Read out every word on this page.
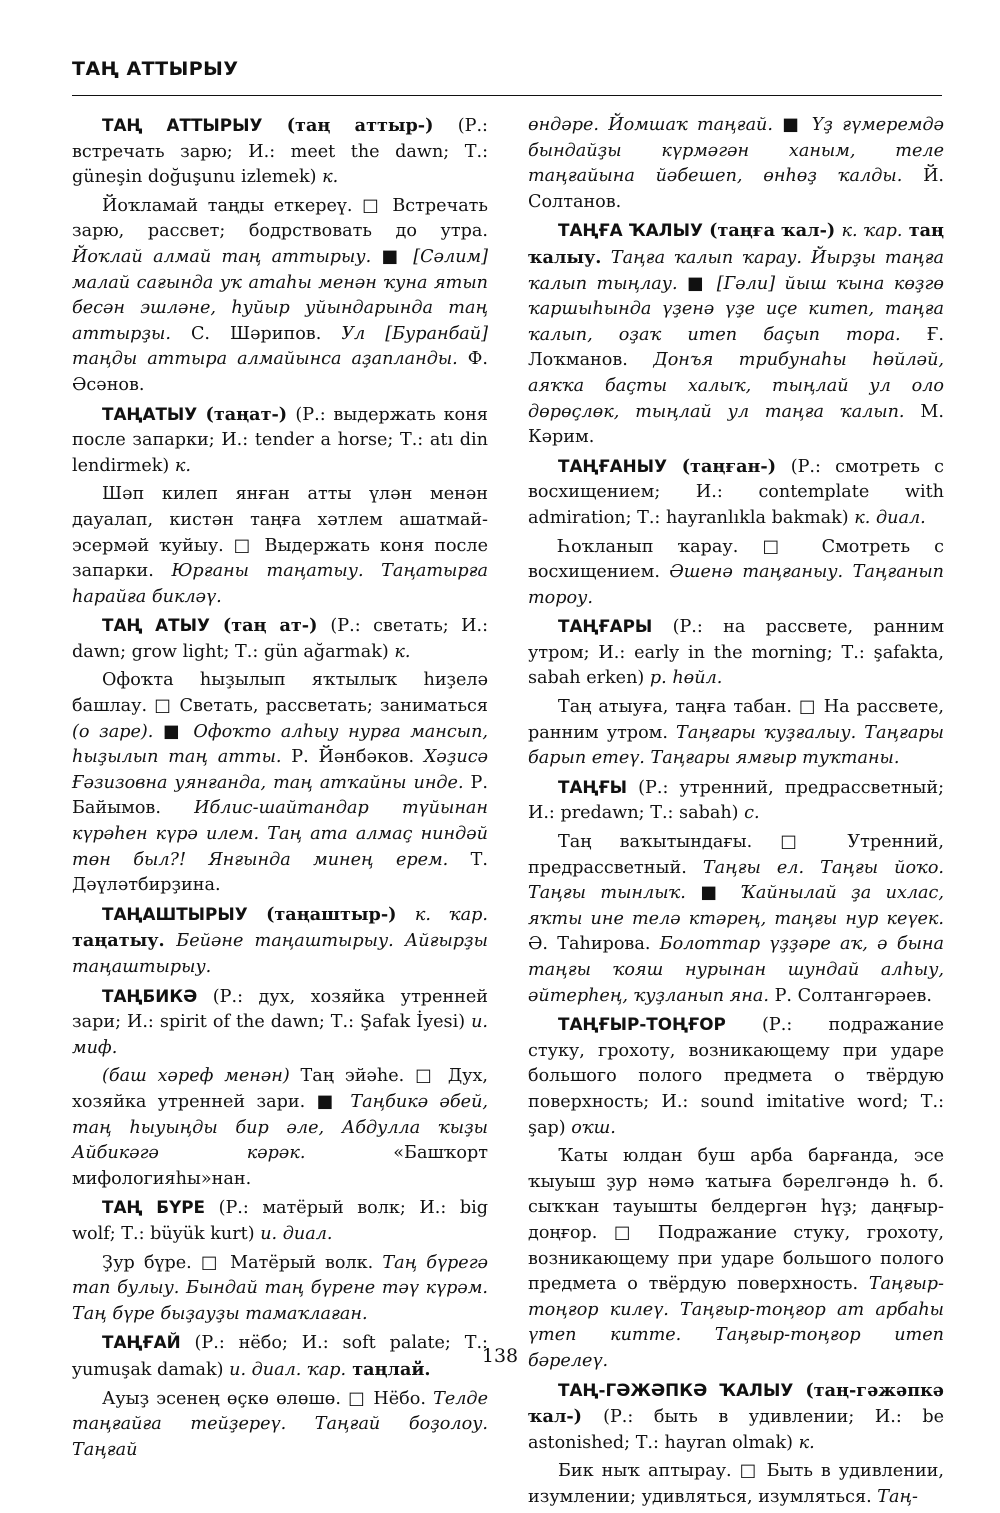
ТАҢ АТТЫРЫУ

ТАҢ АТТЫРЫУ (таң аттыр-) (Р.: встречать зарю; И.: meet the dawn; Т.: güneşin doğuşunu izlemek) к.

Йоҡламай таңды еткереү. □ Встречать зарю, рассвет; бодрствовать до утра. Йоҡлай алмай таң аттырыу. ■ [Сәлим] малай сағында уҡ атаһы менән ҡуна ятып бесән эшләне, һуйыр уйындарында таң аттырҙы. С. Шәрипов. Ул [Буранбай] таңды аттыра алмайынса аҙапланды. Ф. Әсәнов.

ТАҢАТЫУ (таңат-) (Р.: выдержать коня после запарки; И.: tender a horse; Т.: atı din lendirmek) к.

Шәп килеп янған атты үлән менән дауалап, кистән таңға хәтлем ашатмай-эсермәй ҡуйыу. □ Выдержать коня после запарки. Юрғаны таңатыу. Таңатырға һарайға бикләү.

ТАҢ АТЫУ (таң ат-) (Р.: светать; И.: dawn; grow light; Т.: gün ağarmak) к.

Офоҡта һыҙылып яҡтылыҡ һиҙелә башлау. □ Светать, рассветать; заниматься (о заре). ■ Офоҡто алһыу нурға мансып, һыҙылып таң атты. Р. Йәнбәков. Хәҙисә Ғәзизовна уянғанда, таң атҡайны инде. Р. Байымов. Иблис-шайтандар түйынан күрәһен күрә илем. Таң ата алмаҫ ниндәй төн был?! Янғында минең ерем. Т. Дәүләтбирҙина.

ТАҢАШТЫРЫУ (таңаштыр-) к. ҡар. таңатыу. Бейәне таңаштырыу. Айғырҙы таңаштырыу.

ТАҢБИКӘ (Р.: дух, хозяйка утренней зари; И.: spirit of the dawn; Т.: Şafak İyesi) и. миф.

(баш хәреф менән) Таң эйәһе. □ Дух, хозяйка утренней зари. ■ Таңбикә әбей, таң һыуыңды бир әле, Абдулла ҡыҙы Айбикәгә кәрәк. «Башҡорт мифологияһы»нан.

ТАҢ БҮРЕ (Р.: матёрый волк; И.: big wolf; Т.: büyük kurt) и. диал.

Ҙур бүре. □ Матёрый волк. Таң бүрегә тап булыу. Бындай таң бүрене тәү күрәм. Таң бүре быҙауҙы тамаҡлаған.

ТАҢҒАЙ (Р.: нёбо; И.: soft palate; Т.: yumuşak damak) и. диал. ҡар. таңлай.

Ауыҙ эсенең өҫкө өлөшө. □ Нёбо. Телде таңғайға тейҙереү. Таңғай боҙолоу. Таңғай

өндәре. Йомшаҡ таңғай. ■ Үҙ ғүмеремдә бындайҙы күрмәгән ханым, теле таңғайына йәбешеп, өнһөҙ ҡалды. Й. Солтанов.

ТАҢҒА ҠАЛЫУ (таңға ҡал-) к. ҡар. таң ҡалыу. Таңға ҡалып ҡарау. Йырҙы таңға ҡалып тыңлау. ■ [Гәли] йыш ҡына көҙгө ҡаршыһында үҙенә үҙе иҫе китеп, таңға ҡалып, оҙаҡ итеп баҫып тора. Ғ. Лоҡманов. Донъя трибунаһы һөйләй, аяҡҡа баҫты халыҡ, тыңлай ул оло дөрөҫлөк, тыңлай ул таңға ҡалып. М. Кәрим.

ТАҢҒАНЫУ (таңған-) (Р.: смотреть с восхищением; И.: contemplate with admiration; Т.: hayranlıkla bakmak) к. диал.

Һоҡланып ҡарау. □ Смотреть с восхищением. Әшенә таңғаныу. Таңғанып тороу.

ТАҢҒАРЫ (Р.: на рассвете, ранним утром; И.: early in the morning; Т.: şafakta, sabah erken) р. һөйл.

Таң атыуға, таңға табан. □ На рассвете, ранним утром. Таңғары ҡуҙғалыу. Таңғары барып етеү. Таңғары ямғыр туҡтаны.

ТАҢҒЫ (Р.: утренний, предрассветный; И.: predawn; Т.: sabah) с.

Таң ваҡытындағы. □ Утренний, предрассветный. Таңғы ел. Таңғы йоҡо. Таңғы тынлыҡ. ■ Ҡайнылай ҙа ихлас, яҡты ине телә ктәрең, таңғы нур кеүек. Ә. Таһирова. Болоттар үҙҙәре аҡ, ә бына таңғы ҡояш нурынан шундай алһыу, әйтерһең, ҡуҙланып яна. Р. Солтангәрәев.

ТАҢҒЫР-ТОҢҒОР (Р.: подражание стуку, грохоту, возникающему при ударе большого полого предмета о твёрдую поверхность; И.: sound imitative word; Т.: şap) оҡш.

Ҡаты юлдан буш арба барғанда, эсе ҡыуыш ҙур нәмә ҡатыға бәрелгәндә һ. б. сыҡҡан тауышты белдергән һүҙ; даңғыр-доңғор. □ Подражание стуку, грохоту, возникающему при ударе большого полого предмета о твёрдую поверхность. Таңғыр-тоңғор килеү. Таңғыр-тоңғор ат арбаһы үтеп китте. Таңғыр-тоңғор итеп бәрелеү.

ТАҢ-ГӘЖӘПКӘ ҠАЛЫУ (таң-гәжәпкә ҡал-) (Р.: быть в удивлении; И.: be astonished; Т.: hayran olmak) к.

Бик ныҡ аптырау. □ Быть в удивлении, изумлении; удивляться, изумляться. Таң-

138
